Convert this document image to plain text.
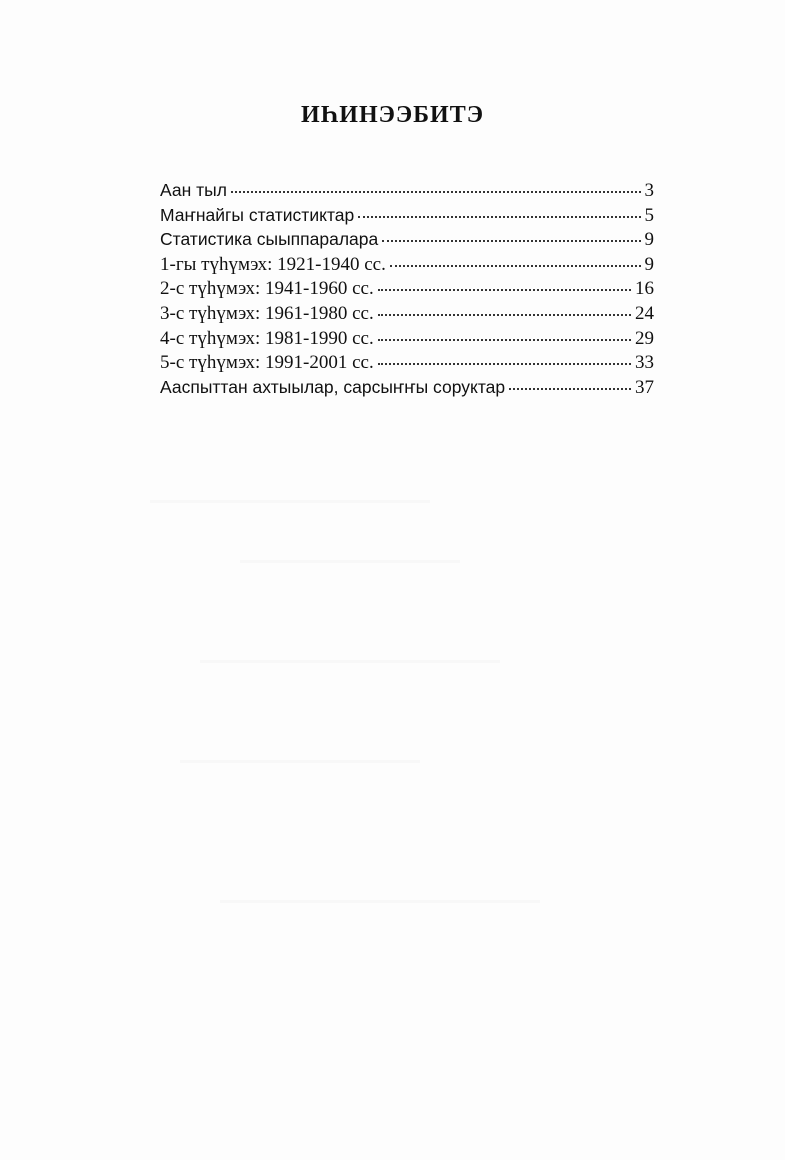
ИҺИНЭЭБИТЭ
Аан тыл	3
Маҥнайгы статистиктар	5
Статистика сыыппаралара	9
1-гы түһүмэх: 1921-1940 сс.	9
2-с түһүмэх: 1941-1960 сс.	16
3-с түһүмэх: 1961-1980 сс.	24
4-с түһүмэх: 1981-1990 сс.	29
5-с түһүмэх: 1991-2001 сс.	33
Ааспыттан ахтыылар, сарсыҥҥы соруктар	37
